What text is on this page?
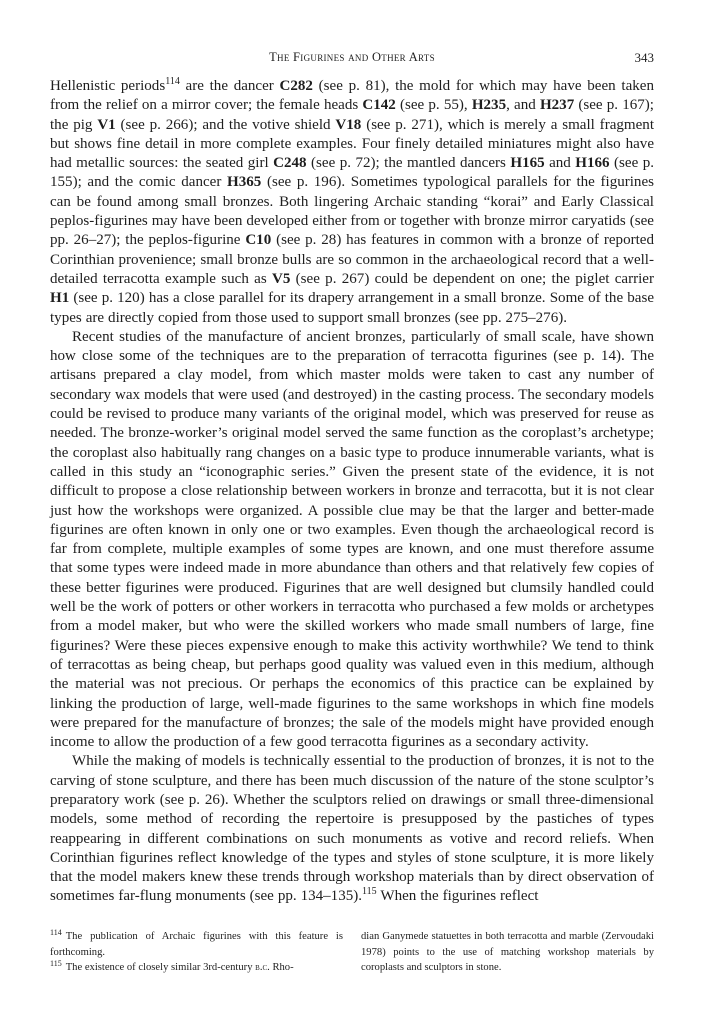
The Figurines and Other Arts	343

Hellenistic periods$^{114}$ are the dancer C282 (see p. 81), the mold for which may have been taken from the relief on a mirror cover; the female heads C142 (see p. 55), H235, and H237 (see p. 167); the pig V1 (see p. 266); and the votive shield V18 (see p. 271), which is merely a small fragment but shows fine detail in more complete examples. Four finely detailed miniatures might also have had metallic sources: the seated girl C248 (see p. 72); the mantled dancers H165 and H166 (see p. 155); and the comic dancer H365 (see p. 196). Sometimes typological parallels for the figurines can be found among small bronzes. Both lingering Archaic standing “korai” and Early Classical peplos-figurines may have been developed either from or together with bronze mirror caryatids (see pp. 26–27); the peplos-figurine C10 (see p. 28) has features in common with a bronze of reported Corinthian provenience; small bronze bulls are so common in the archaeological record that a well-detailed terracotta example such as V5 (see p. 267) could be dependent on one; the piglet carrier H1 (see p. 120) has a close parallel for its drapery arrangement in a small bronze. Some of the base types are directly copied from those used to support small bronzes (see pp. 275–276).

Recent studies of the manufacture of ancient bronzes, particularly of small scale, have shown how close some of the techniques are to the preparation of terracotta figurines (see p. 14). The artisans prepared a clay model, from which master molds were taken to cast any number of secondary wax models that were used (and destroyed) in the casting process. The secondary models could be revised to produce many variants of the original model, which was preserved for reuse as needed. The bronze-worker’s original model served the same function as the coroplast’s archetype; the coroplast also habitually rang changes on a basic type to produce innumerable variants, what is called in this study an “iconographic series.” Given the present state of the evidence, it is not difficult to propose a close relationship between workers in bronze and terracotta, but it is not clear just how the workshops were organized. A possible clue may be that the larger and better-made figurines are often known in only one or two examples. Even though the archaeological record is far from complete, multiple examples of some types are known, and one must therefore assume that some types were indeed made in more abundance than others and that relatively few copies of these better figurines were produced. Figurines that are well designed but clumsily handled could well be the work of potters or other workers in terracotta who purchased a few molds or archetypes from a model maker, but who were the skilled workers who made small numbers of large, fine figurines? Were these pieces expensive enough to make this activity worthwhile? We tend to think of terracottas as being cheap, but perhaps good quality was valued even in this medium, although the material was not precious. Or perhaps the economics of this practice can be explained by linking the production of large, well-made figurines to the same workshops in which fine models were prepared for the manufacture of bronzes; the sale of the models might have provided enough income to allow the production of a few good terracotta figurines as a secondary activity.

While the making of models is technically essential to the production of bronzes, it is not to the carving of stone sculpture, and there has been much discussion of the nature of the stone sculptor’s preparatory work (see p. 26). Whether the sculptors relied on drawings or small three-dimensional models, some method of recording the repertoire is presupposed by the pastiches of types reappearing in different combinations on such monuments as votive and record reliefs. When Corinthian figurines reflect knowledge of the types and styles of stone sculpture, it is more likely that the model makers knew these trends through workshop materials than by direct observation of sometimes far-flung monuments (see pp. 134–135).$^{115}$ When the figurines reflect

$^{114}$ The publication of Archaic figurines with this feature is forthcoming.

$^{115}$ The existence of closely similar 3rd-century b.c. Rho-

dian Ganymede statuettes in both terracotta and marble (Zervoudaki 1978) points to the use of matching workshop materials by coroplasts and sculptors in stone.
